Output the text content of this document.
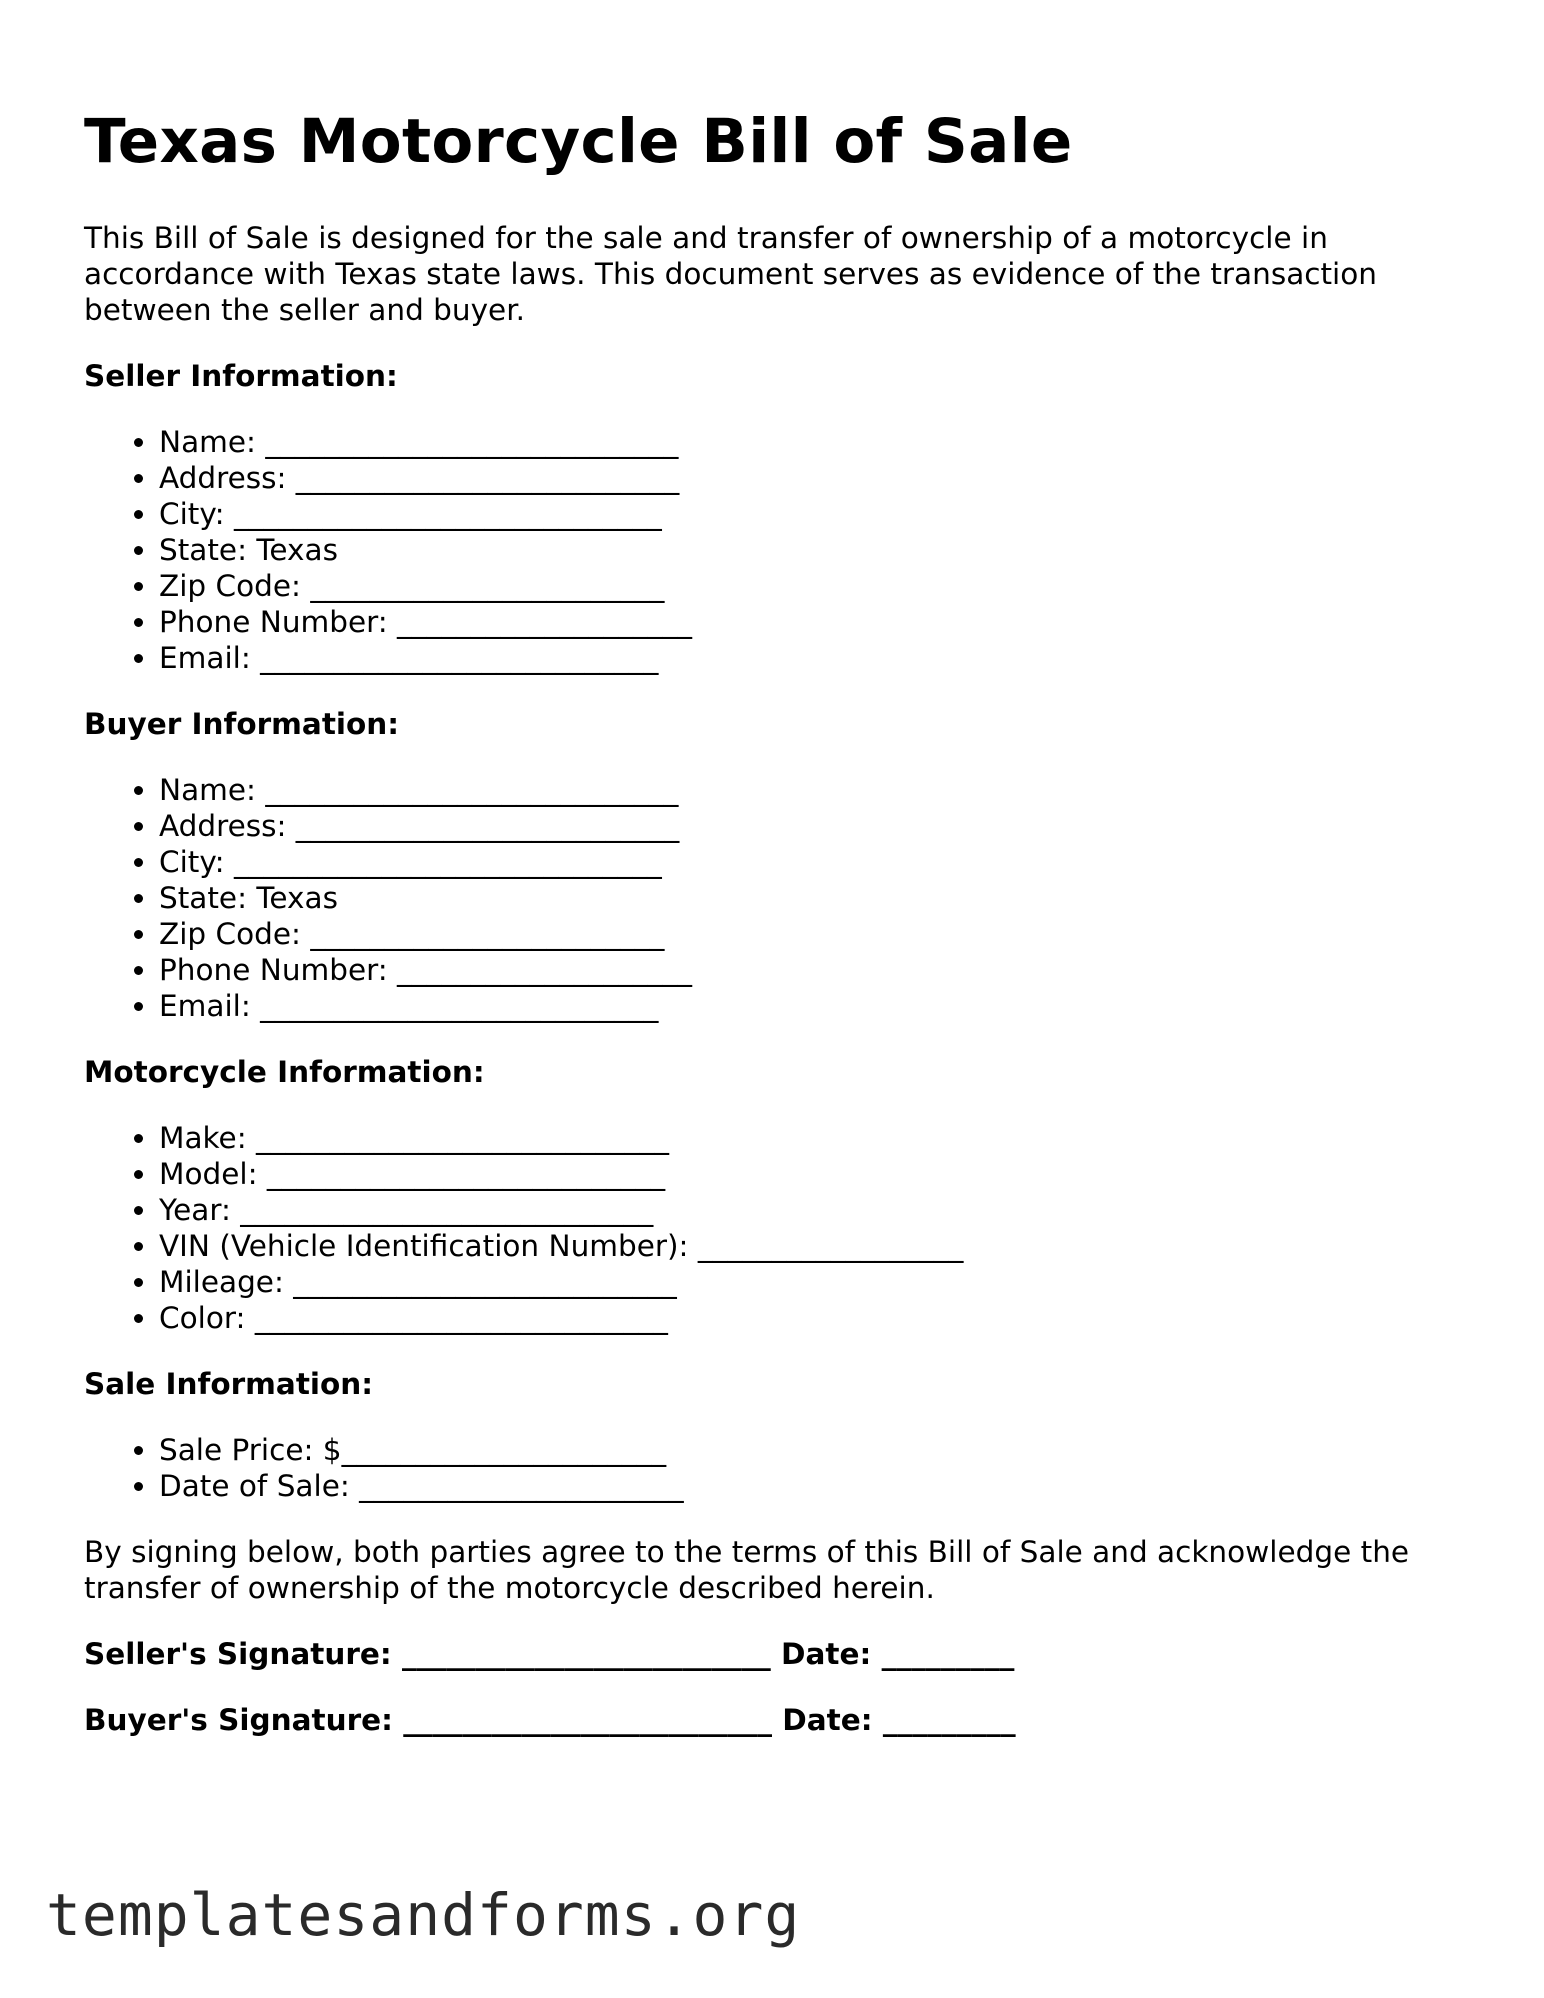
Texas Motorcycle Bill of Sale

This Bill of Sale is designed for the sale and transfer of ownership of a motorcycle in accordance with Texas state laws. This document serves as evidence of the transaction between the seller and buyer.

Seller Information:
• Name: ____________________________
• Address: __________________________
• City: _____________________________
• State: Texas
• Zip Code: ________________________
• Phone Number: ____________________
• Email: ___________________________
Buyer Information:
• Name: ____________________________
• Address: __________________________
• City: _____________________________
• State: Texas
• Zip Code: ________________________
• Phone Number: ____________________
• Email: ___________________________
Motorcycle Information:
• Make: ____________________________
• Model: ___________________________
• Year: ____________________________
• VIN (Vehicle Identification Number): __________________
• Mileage: __________________________
• Color: ____________________________
Sale Information:
• Sale Price: $______________________
• Date of Sale: ______________________

By signing below, both parties agree to the terms of this Bill of Sale and acknowledge the transfer of ownership of the motorcycle described herein.

Seller's Signature: _________________________ Date: _________
Buyer's Signature: _________________________ Date: _________
templatesandforms.org
